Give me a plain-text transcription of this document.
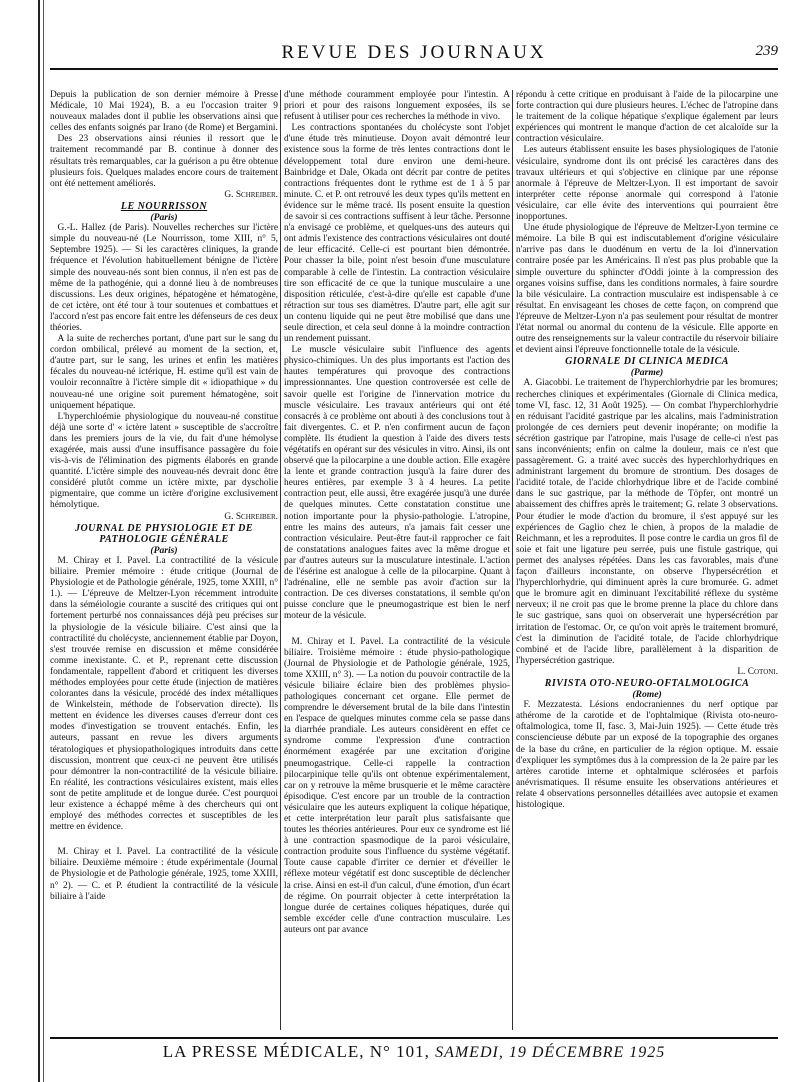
REVUE DES JOURNAUX	239

Depuis la publication de son dernier mémoire à Presse Médicale, 10 Mai 1924), B. a eu l'occasion traiter 9 nouveaux malades dont il publie les observations ainsi que celles des enfants soignés par Irano (de Rome) et Bergamini.

Des 23 observations ainsi réunies il ressort que le traitement recommandé par B. continue à donner des résultats très remarquables, car la guérison a pu être obtenue plusieurs fois. Quelques malades encore cours de traitement ont été nettement améliorés.

G. Schreiber.

LE NOURRISSON

(Paris)

G.-L. Hallez (de Paris). Nouvelles recherches sur l'ictère simple du nouveau-né (Le Nourrisson, tome XIII, n° 5, Septembre 1925). — Si les caractères cliniques, la grande fréquence et l'évolution habituellement bénigne de l'ictère simple des nouveau-nés sont bien connus, il n'en est pas de même de la pathogénie, qui a donné lieu à de nombreuses discussions. Les deux origines, hépatogène et hématogène, de cet ictère, ont été tour à tour soutenues et combattues et l'accord n'est pas encore fait entre les défenseurs de ces deux théories.

A la suite de recherches portant, d'une part sur le sang du cordon ombilical, prélevé au moment de la section, et, d'autre part, sur le sang, les urines et enfin les matières fécales du nouveau-né ictérique, H. estime qu'il est vain de vouloir reconnaître à l'ictère simple dit « idiopathique » du nouveau-né une origine soit purement hématogène, soit uniquement hépatique.

L'hyperchloémie physiologique du nouveau-né constitue déjà une sorte d' « ictère latent » susceptible de s'accroître dans les premiers jours de la vie, du fait d'une hémolyse exagérée, mais aussi d'une insuffisance passagère du foie vis-à-vis de l'élimination des pigments élaborés en grande quantité. L'ictère simple des nouveau-nés devrait donc être considéré plutôt comme un ictère mixte, par dyscholie pigmentaire, que comme un ictère d'origine exclusivement hémolytique.

G. Schreiber.

JOURNAL DE PHYSIOLOGIE ET DE PATHOLOGIE GÉNÉRALE

(Paris)

M. Chiray et I. Pavel. La contractilité de la vésicule biliaire. Premier mémoire : étude critique (Journal de Physiologie et de Pathologie générale, 1925, tome XXIII, n° 1.). — L'épreuve de Meltzer-Lyon récemment introduite dans la séméiologie courante a suscité des critiques qui ont fortement perturbé nos connaissances déjà peu précises sur la physiologie de la vésicule biliaire. C'est ainsi que la contractilité du cholécyste, anciennement établie par Doyon, s'est trouvée remise en discussion et même considérée comme inexistante. C. et P., reprenant cette discussion fondamentale, rappellent d'abord et critiquent les diverses méthodes employées pour cette étude (injection de matières colorantes dans la vésicule, procédé des index métalliques de Winkelstein, méthode de l'observation directe). Ils mettent en évidence les diverses causes d'erreur dont ces modes d'investigation se trouvent entachés. Enfin, les auteurs, passant en revue les divers arguments tératologiques et physiopathologiques introduits dans cette discussion, montrent que ceux-ci ne peuvent être utilisés pour démontrer la non-contractilité de la vésicule biliaire. En réalité, les contractions vésiculaires existent, mais elles sont de petite amplitude et de longue durée. C'est pourquoi leur existence a échappé même à des chercheurs qui ont employé des méthodes correctes et susceptibles de les mettre en évidence.

M. Chiray et I. Pavel. La contractilité de la vésicule biliaire. Deuxième mémoire : étude expérimentale (Journal de Physiologie et de Pathologie générale, 1925, tome XXIII, n° 2). — C. et P. étudient la contractilité de la vésicule biliaire à l'aide

d'une méthode couramment employée pour l'intestin. A priori et pour des raisons longuement exposées, ils se refusent à utiliser pour ces recherches la méthode in vivo.

Les contractions spontanées du cholécyste sont l'objet d'une étude très minutieuse. Doyon avait démontré leur existence sous la forme de très lentes contractions dont le développement total dure environ une demi-heure. Bainbridge et Dale, Okada ont décrit par contre de petites contractions fréquentes dont le rythme est de 1 à 5 par minute. C. et P. ont retrouvé les deux types qu'ils mettent en évidence sur le même tracé. Ils posent ensuite la question de savoir si ces contractions suffisent à leur tâche. Personne n'a envisagé ce problème, et quelques-uns des auteurs qui ont admis l'existence des contractions vésiculaires ont douté de leur efficacité. Celle-ci est pourtant bien démontrée. Pour chasser la bile, point n'est besoin d'une musculature comparable à celle de l'intestin. La contraction vésiculaire tire son efficacité de ce que la tunique musculaire a une disposition réticulée, c'est-à-dire qu'elle est capable d'une rétraction sur tous ses diamètres. D'autre part, elle agit sur un contenu liquide qui ne peut être mobilisé que dans une seule direction, et cela seul donne à la moindre contraction un rendement puissant.

Le muscle vésiculaire subit l'influence des agents physico-chimiques. Un des plus importants est l'action des hautes températures qui provoque des contractions impressionnantes. Une question controversée est celle de savoir quelle est l'origine de l'innervation motrice du muscle vésiculaire. Les travaux antérieurs qui ont été consacrés à ce problème ont abouti à des conclusions tout à fait divergentes. C. et P. n'en confirment aucun de façon complète. Ils étudient la question à l'aide des divers tests végétatifs en opérant sur des vésicules in vitro. Ainsi, ils ont observé que la pilocarpine a une double action. Elle exagère la lente et grande contraction jusqu'à la faire durer des heures entières, par exemple 3 à 4 heures. La petite contraction peut, elle aussi, être exagérée jusqu'à une durée de quelques minutes. Cette constatation constitue une notion importante pour la physio-pathologie. L'atropine, entre les mains des auteurs, n'a jamais fait cesser une contraction vésiculaire. Peut-être faut-il rapprocher ce fait de constatations analogues faites avec la même drogue et par d'autres auteurs sur la musculature intestinale. L'action de l'ésérine est analogue à celle de la pilocarpine. Quant à l'adrénaline, elle ne semble pas avoir d'action sur la contraction. De ces diverses constatations, il semble qu'on puisse conclure que le pneumogastrique est bien le nerf moteur de la vésicule.

M. Chiray et I. Pavel. La contractilité de la vésicule biliaire. Troisième mémoire : étude physio-pathologique (Journal de Physiologie et de Pathologie générale, 1925, tome XXIII, n° 3). — La notion du pouvoir contractile de la vésicule biliaire éclaire bien des problèmes physio-pathologiques concernant cet organe. Elle permet de comprendre le déversement brutal de la bile dans l'intestin en l'espace de quelques minutes comme cela se passe dans la diarrhée prandiale. Les auteurs considèrent en effet ce syndrome comme l'expression d'une contraction énormément exagérée par une excitation d'origine pneumogastrique. Celle-ci rappelle la contraction pilocarpinique telle qu'ils ont obtenue expérimentalement, car on y retrouve la même brusquerie et le même caractère épisodique. C'est encore par un trouble de la contraction vésiculaire que les auteurs expliquent la colique hépatique, et cette interprétation leur paraît plus satisfaisante que toutes les théories antérieures. Pour eux ce syndrome est lié à une contraction spasmodique de la paroi vésiculaire, contraction produite sous l'influence du système végétatif. Toute cause capable d'irriter ce dernier et d'éveiller le réflexe moteur végétatif est donc susceptible de déclencher la crise. Ainsi en est-il d'un calcul, d'une émotion, d'un écart de régime. On pourrait objecter à cette interprétation la longue durée de certaines coliques hépatiques, durée qui semble excéder celle d'une contraction musculaire. Les auteurs ont par avance

répondu à cette critique en produisant à l'aide de la pilocarpine une forte contraction qui dure plusieurs heures. L'échec de l'atropine dans le traitement de la colique hépatique s'explique également par leurs expériences qui montrent le manque d'action de cet alcaloïde sur la contraction vésiculaire.

Les auteurs établissent ensuite les bases physiologiques de l'atonie vésiculaire, syndrome dont ils ont précisé les caractères dans des travaux ultérieurs et qui s'objective en clinique par une réponse anormale à l'épreuve de Meltzer-Lyon. Il est important de savoir interpréter cette réponse anormale qui correspond à l'atonie vésiculaire, car elle évite des interventions qui pourraient être inopportunes.

Une étude physiologique de l'épreuve de Meltzer-Lyon termine ce mémoire. La bile B qui est indiscutablement d'origine vésiculaire n'arrive pas dans le duodénum en vertu de la loi d'innervation contraire posée par les Américains. Il n'est pas plus probable que la simple ouverture du sphincter d'Oddi jointe à la compression des organes voisins suffise, dans les conditions normales, à faire sourdre la bile vésiculaire. La contraction musculaire est indispensable à ce résultat. En envisageant les choses de cette façon, on comprend que l'épreuve de Meltzer-Lyon n'a pas seulement pour résultat de montrer l'état normal ou anormal du contenu de la vésicule. Elle apporte en outre des renseignements sur la valeur contractile du réservoir biliaire et devient ainsi l'épreuve fonctionnelle totale de la vésicule.

GIORNALE DI CLINICA MEDICA

(Parme)

A. Giacobbi. Le traitement de l'hyperchlorhydrie par les bromures; recherches cliniques et expérimentales (Giornale di Clinica medica, tome VI, fasc. 12, 31 Août 1925). — On combat l'hyperchlorhydrie en réduisant l'acidité gastrique par les alcalins, mais l'administration prolongée de ces derniers peut devenir inopérante; on modifie la sécrétion gastrique par l'atropine, mais l'usage de celle-ci n'est pas sans inconvénients; enfin on calme la douleur, mais ce n'est que passagèrement. G. a traité avec succès des hyperchlorhydriques en administrant largement du bromure de strontium. Des dosages de l'acidité totale, de l'acide chlorhydrique libre et de l'acide combiné dans le suc gastrique, par la méthode de Töpfer, ont montré un abaissement des chiffres après le traitement; G. relate 3 observations. Pour étudier le mode d'action du bromure, il s'est appuyé sur les expériences de Gaglio chez le chien, à propos de la maladie de Reichmann, et les a reproduites. Il pose contre le cardia un gros fil de soie et fait une ligature peu serrée, puis une fistule gastrique, qui permet des analyses répétées. Dans les cas favorables, mais d'une façon d'ailleurs inconstante, on observe l'hypersécrétion et l'hyperchlorhydrie, qui diminuent après la cure bromurée. G. admet que le bromure agit en diminuant l'excitabilité réflexe du système nerveux; il ne croit pas que le brome prenne la place du chlore dans le suc gastrique, sans quoi on observerait une hypersécrétion par irritation de l'estomac. Or, ce qu'on voit après le traitement bromuré, c'est la diminution de l'acidité totale, de l'acide chlorhydrique combiné et de l'acide libre, parallèlement à la disparition de l'hypersécrétion gastrique.

L. Cotoni.

RIVISTA OTO-NEURO-OFTALMOLOGICA

(Rome)

F. Mezzatesta. Lésions endocraniennes du nerf optique par athérome de la carotide et de l'ophtalmique (Rivista oto-neuro-oftalmologica, tome II, fasc. 3, Mai-Juin 1925). — Cette étude très consciencieuse débute par un exposé de la topographie des organes de la base du crâne, en particulier de la région optique. M. essaie d'expliquer les symptômes dus à la compression de la 2e paire par les artères carotide interne et ophtalmique sclérosées et parfois anévrismatiques. Il résume ensuite les observations antérieures et relate 4 observations personnelles détaillées avec autopsie et examen histologique.

LA PRESSE MÉDICALE, N° 101, SAMEDI, 19 DÉCEMBRE 1925
